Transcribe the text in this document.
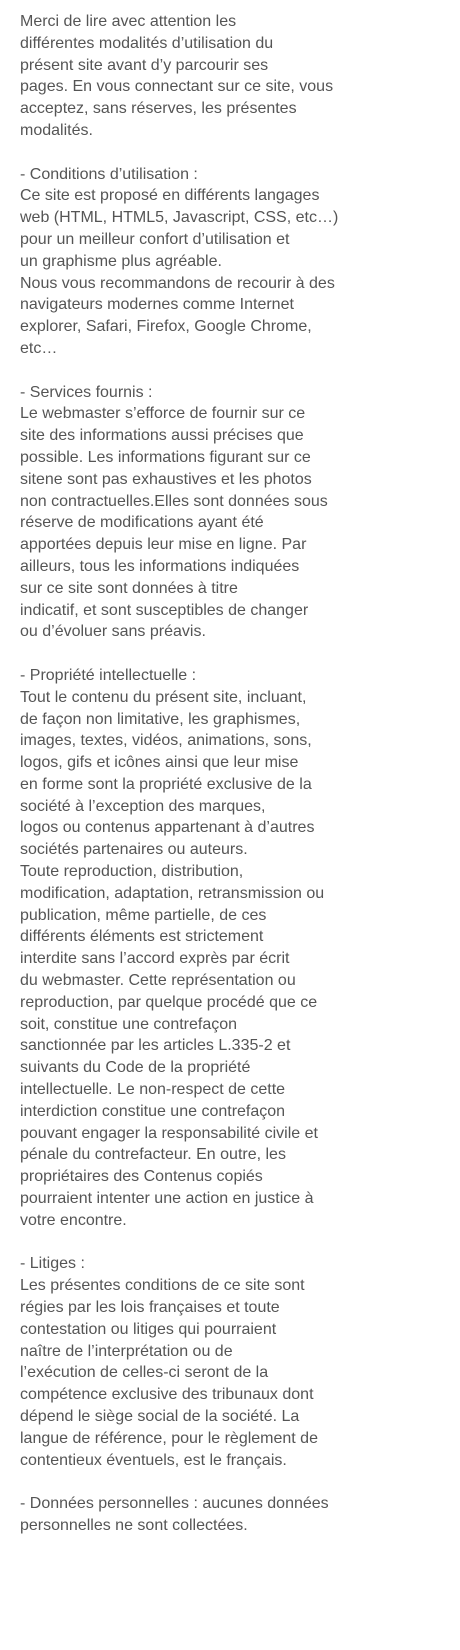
Merci de lire avec attention les
différentes modalités d’utilisation du
présent site avant d’y parcourir ses
pages. En vous connectant sur ce site, vous
acceptez, sans réserves, les présentes
modalités.
- Conditions d’utilisation :
Ce site est proposé en différents langages
web (HTML, HTML5, Javascript, CSS, etc…)
pour un meilleur confort d’utilisation et
un graphisme plus agréable.
Nous vous recommandons de recourir à des
navigateurs modernes comme Internet
explorer, Safari, Firefox, Google Chrome,
etc…
- Services fournis :
Le webmaster s’efforce de fournir sur ce
site des informations aussi précises que
possible. Les informations figurant sur ce
sitene sont pas exhaustives et les photos
non contractuelles.Elles sont données sous
réserve de modifications ayant été
apportées depuis leur mise en ligne. Par
ailleurs, tous les informations indiquées
sur ce site sont données à titre
indicatif, et sont susceptibles de changer
ou d’évoluer sans préavis.
- Propriété intellectuelle :
Tout le contenu du présent site, incluant,
de façon non limitative, les graphismes,
images, textes, vidéos, animations, sons,
logos, gifs et icônes ainsi que leur mise
en forme sont la propriété exclusive de la
société à l’exception des marques,
logos ou contenus appartenant à d’autres
sociétés partenaires ou auteurs.
Toute reproduction, distribution,
modification, adaptation, retransmission ou
publication, même partielle, de ces
différents éléments est strictement
interdite sans l’accord exprès par écrit
du webmaster. Cette représentation ou
reproduction, par quelque procédé que ce
soit, constitue une contrefaçon
sanctionnée par les articles L.335-2 et
suivants du Code de la propriété
intellectuelle. Le non-respect de cette
interdiction constitue une contrefaçon
pouvant engager la responsabilité civile et
pénale du contrefacteur. En outre, les
propriétaires des Contenus copiés
pourraient intenter une action en justice à
votre encontre.
- Litiges :
Les présentes conditions de ce site sont
régies par les lois françaises et toute
contestation ou litiges qui pourraient
naître de l’interprétation ou de
l’exécution de celles-ci seront de la
compétence exclusive des tribunaux dont
dépend le siège social de la société. La
langue de référence, pour le règlement de
contentieux éventuels, est le français.
- Données personnelles : aucunes données
personnelles ne sont collectées.
